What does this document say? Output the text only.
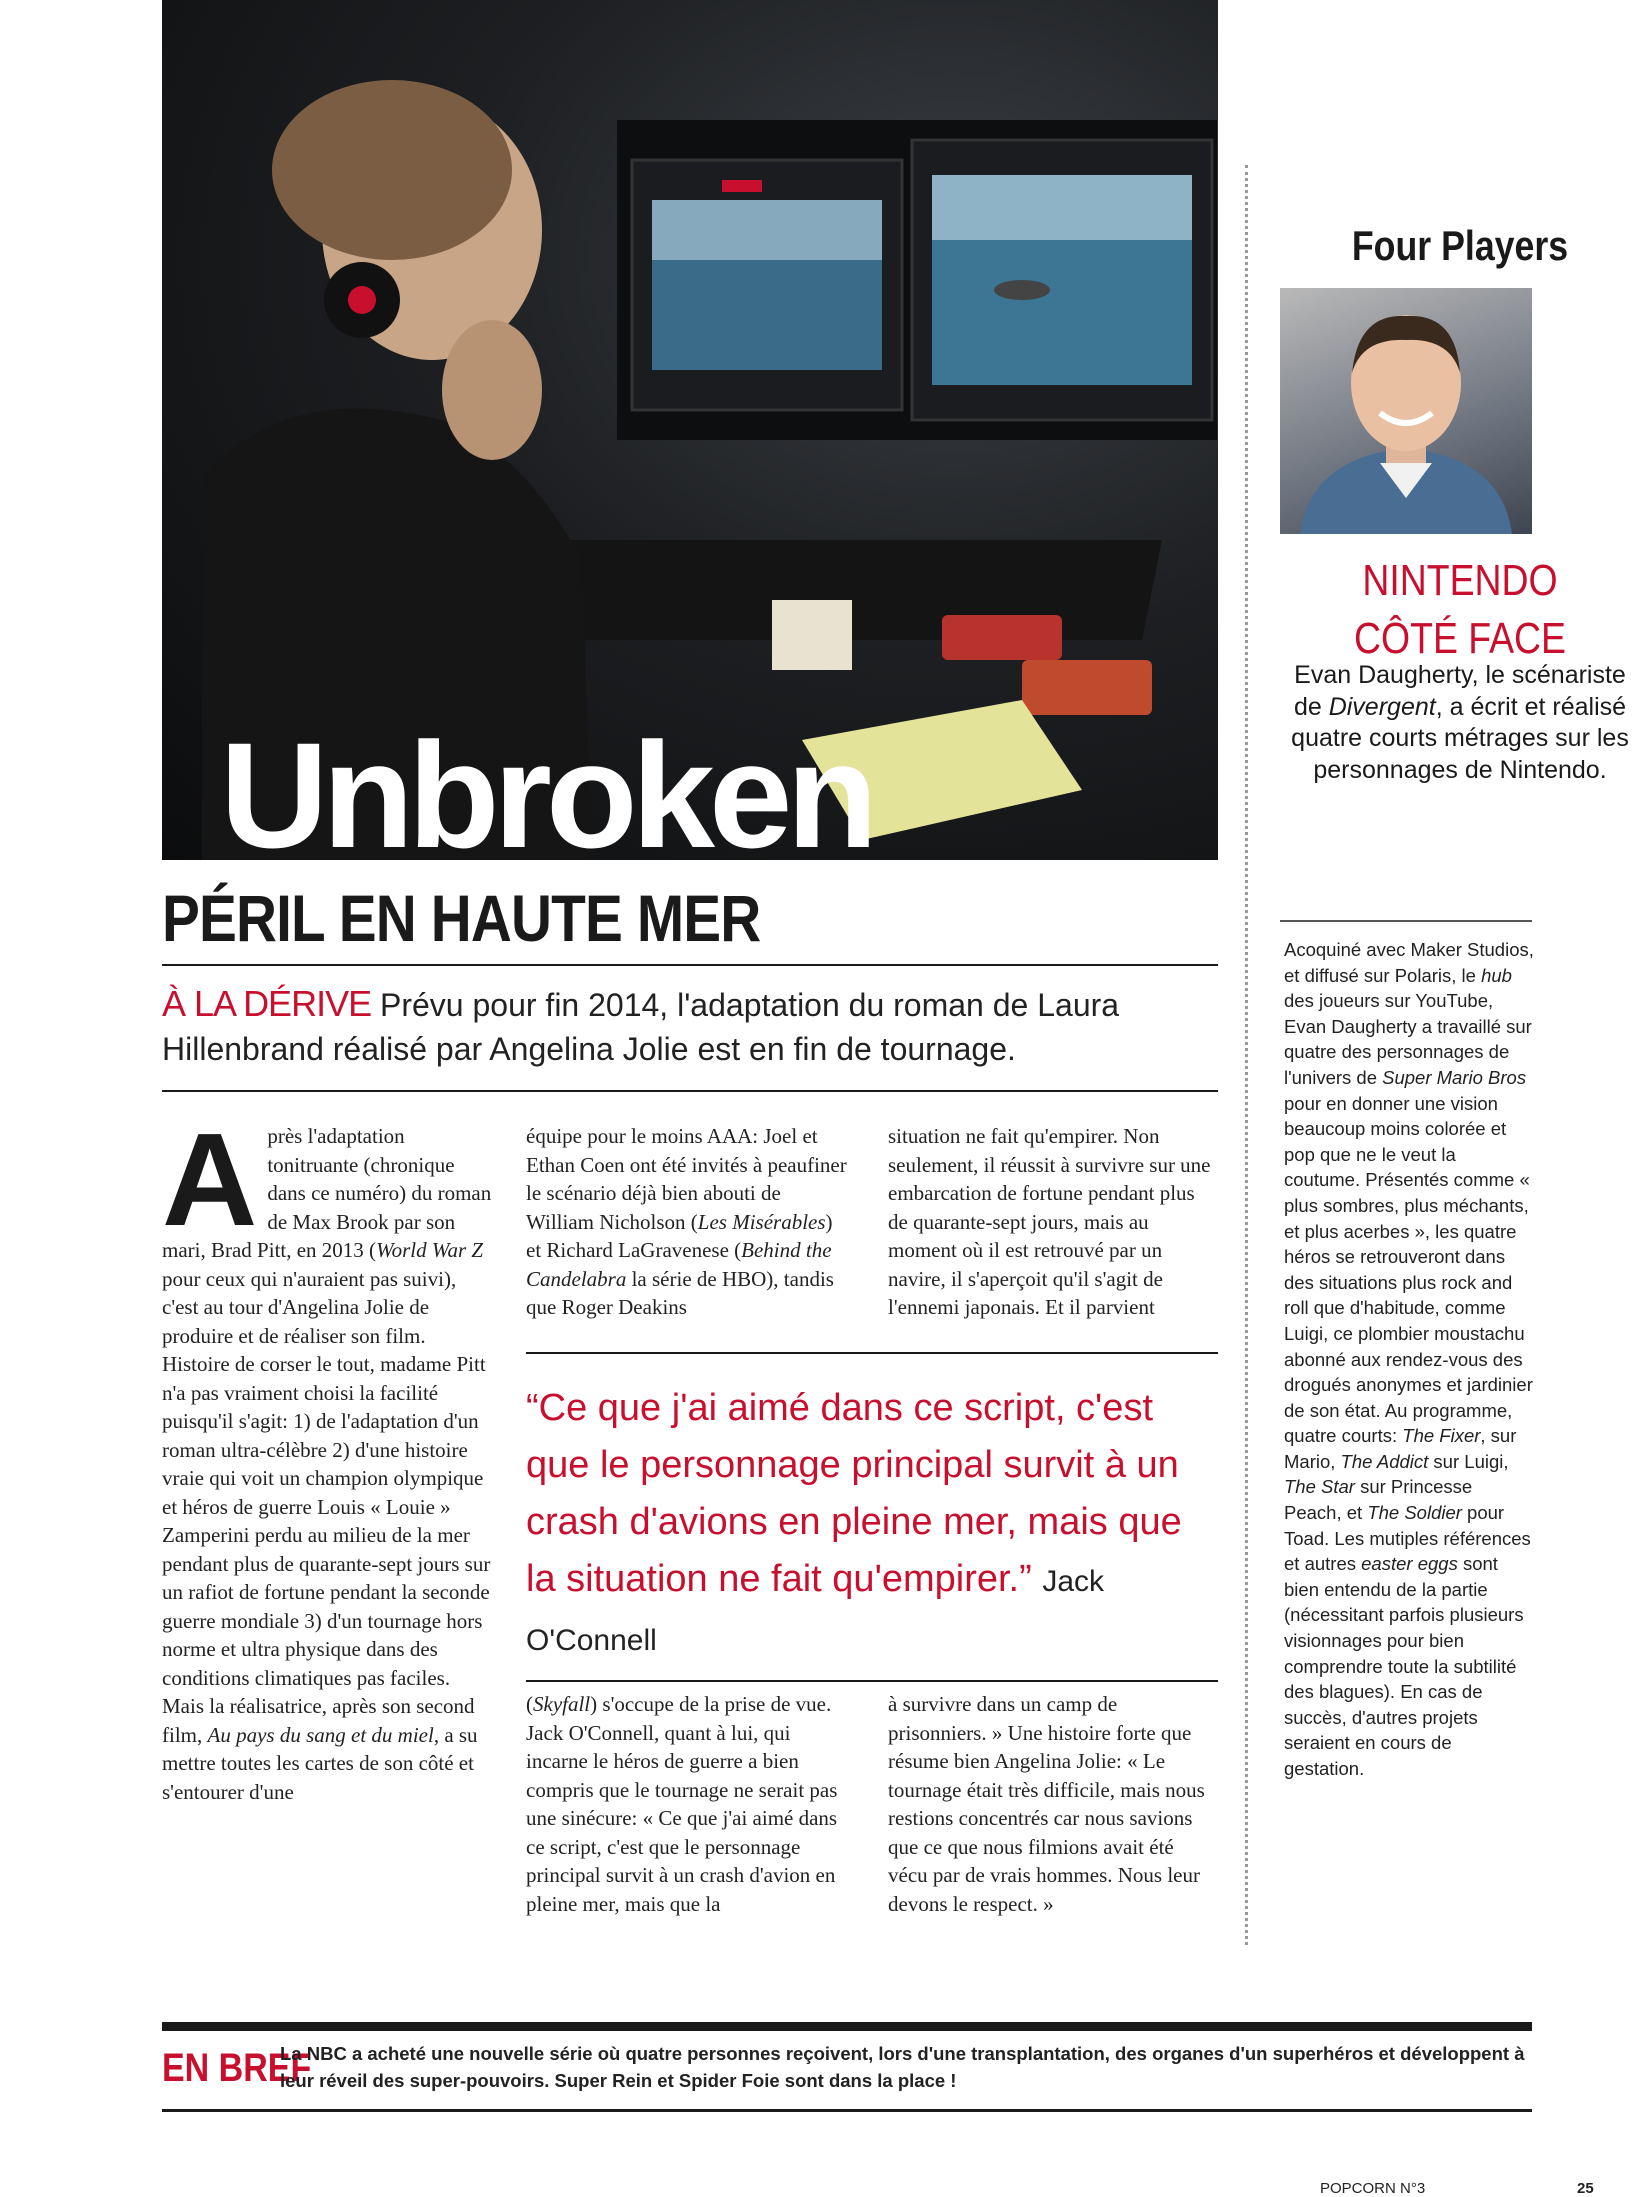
Unbroken
PÉRIL EN HAUTE MER
À LA DÉRIVE Prévu pour fin 2014, l'adaptation du roman de Laura Hillenbrand réalisé par Angelina Jolie est en fin de tournage.
A près l'adaptation tonitruante (chronique dans ce numéro) du roman de Max Brook par son mari, Brad Pitt, en 2013 (World War Z pour ceux qui n'auraient pas suivi), c'est au tour d'Angelina Jolie de produire et de réaliser son film. Histoire de corser le tout, madame Pitt n'a pas vraiment choisi la facilité puisqu'il s'agit: 1) de l'adaptation d'un roman ultra-célèbre 2) d'une histoire vraie qui voit un champion olympique et héros de guerre Louis « Louie » Zamperini perdu au milieu de la mer pendant plus de quarante-sept jours sur un rafiot de fortune pendant la seconde guerre mondiale 3) d'un tournage hors norme et ultra physique dans des conditions climatiques pas faciles. Mais la réalisatrice, après son second film, Au pays du sang et du miel, a su mettre toutes les cartes de son côté et s'entourer d'une
équipe pour le moins AAA: Joel et Ethan Coen ont été invités à peaufiner le scénario déjà bien abouti de William Nicholson (Les Misérables) et Richard LaGravenese (Behind the Candelabra la série de HBO), tandis que Roger Deakins
situation ne fait qu'empirer. Non seulement, il réussit à survivre sur une embarcation de fortune pendant plus de quarante-sept jours, mais au moment où il est retrouvé par un navire, il s'aperçoit qu'il s'agit de l'ennemi japonais. Et il parvient
“Ce que j'ai aimé dans ce script, c'est que le personnage principal survit à un crash d'avions en pleine mer, mais que la situation ne fait qu'empirer.” Jack O'Connell
(Skyfall) s'occupe de la prise de vue. Jack O'Connell, quant à lui, qui incarne le héros de guerre a bien compris que le tournage ne serait pas une sinécure: « Ce que j'ai aimé dans ce script, c'est que le personnage principal survit à un crash d'avion en pleine mer, mais que la
à survivre dans un camp de prisonniers. » Une histoire forte que résume bien Angelina Jolie: « Le tournage était très difficile, mais nous restions concentrés car nous savions que ce que nous filmions avait été vécu par de vrais hommes. Nous leur devons le respect. »
Four Players
NINTENDO
CÔTÉ FACE
Evan Daugherty, le scénariste de Divergent, a écrit et réalisé quatre courts métrages sur les personnages de Nintendo.
Acoquiné avec Maker Studios, et diffusé sur Polaris, le hub des joueurs sur YouTube, Evan Daugherty a travaillé sur quatre des personnages de l'univers de Super Mario Bros pour en donner une vision beaucoup moins colorée et pop que ne le veut la coutume. Présentés comme « plus sombres, plus méchants, et plus acerbes », les quatre héros se retrouveront dans des situations plus rock and roll que d'habitude, comme Luigi, ce plombier moustachu abonné aux rendez-vous des drogués anonymes et jardinier de son état. Au programme, quatre courts: The Fixer, sur Mario, The Addict sur Luigi, The Star sur Princesse Peach, et The Soldier pour Toad. Les mutiples références et autres easter eggs sont bien entendu de la partie (nécessitant parfois plusieurs visionnages pour bien comprendre toute la subtilité des blagues). En cas de succès, d'autres projets seraient en cours de gestation.
EN BREF
La NBC a acheté une nouvelle série où quatre personnes reçoivent, lors d'une transplantation, des organes d'un superhéros et développent à leur réveil des super-pouvoirs. Super Rein et Spider Foie sont dans la place !
POPCORN N°3	25
